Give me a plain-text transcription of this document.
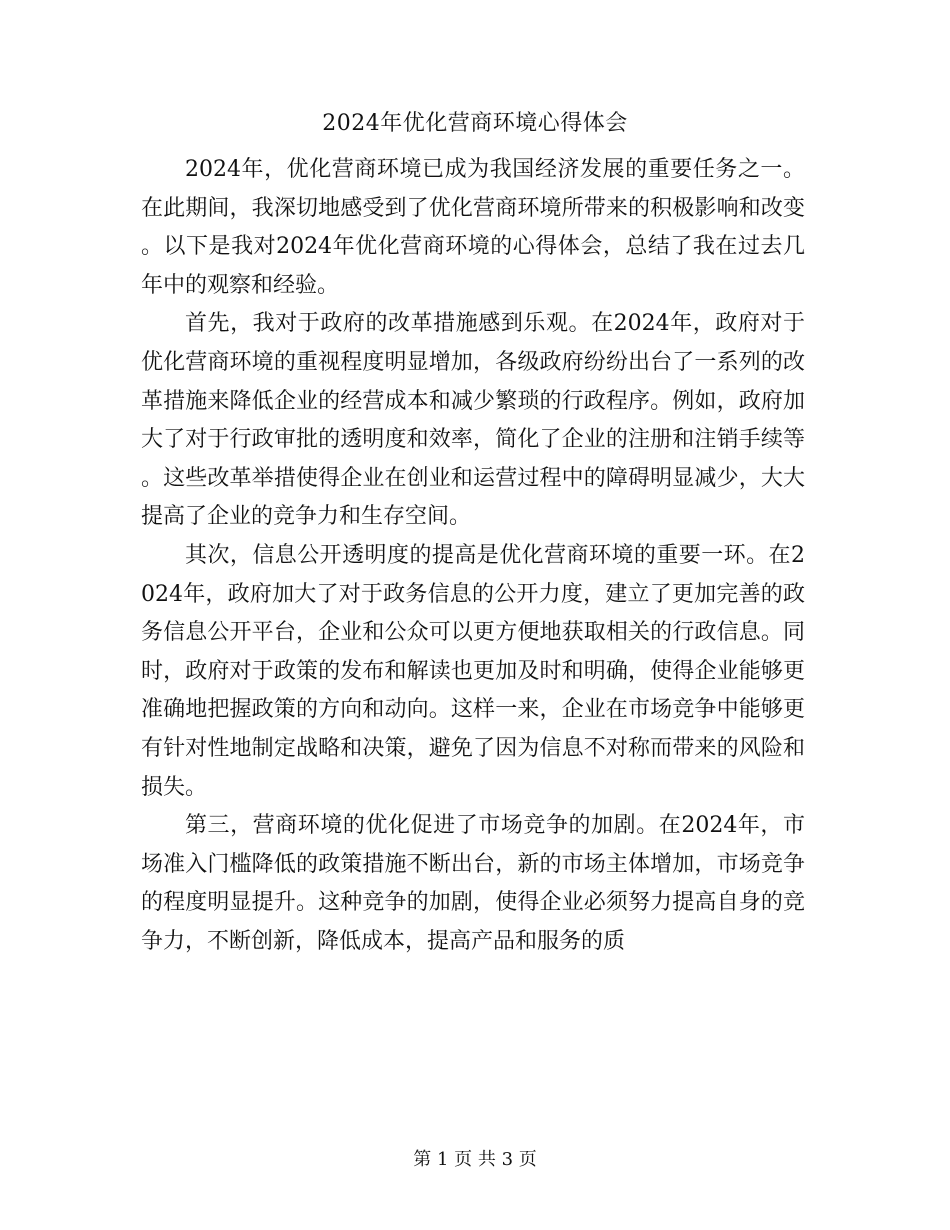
2024年优化营商环境心得体会

2024年，优化营商环境已成为我国经济发展的重要任务之一。在此期间，我深切地感受到了优化营商环境所带来的积极影响和改变。以下是我对2024年优化营商环境的心得体会，总结了我在过去几年中的观察和经验。

首先，我对于政府的改革措施感到乐观。在2024年，政府对于优化营商环境的重视程度明显增加，各级政府纷纷出台了一系列的改革措施来降低企业的经营成本和减少繁琐的行政程序。例如，政府加大了对于行政审批的透明度和效率，简化了企业的注册和注销手续等。这些改革举措使得企业在创业和运营过程中的障碍明显减少，大大提高了企业的竞争力和生存空间。

其次，信息公开透明度的提高是优化营商环境的重要一环。在2024年，政府加大了对于政务信息的公开力度，建立了更加完善的政务信息公开平台，企业和公众可以更方便地获取相关的行政信息。同时，政府对于政策的发布和解读也更加及时和明确，使得企业能够更准确地把握政策的方向和动向。这样一来，企业在市场竞争中能够更有针对性地制定战略和决策，避免了因为信息不对称而带来的风险和损失。

第三，营商环境的优化促进了市场竞争的加剧。在2024年，市场准入门槛降低的政策措施不断出台，新的市场主体增加，市场竞争的程度明显提升。这种竞争的加剧，使得企业必须努力提高自身的竞争力，不断创新，降低成本，提高产品和服务的质

第 1 页 共 3 页
